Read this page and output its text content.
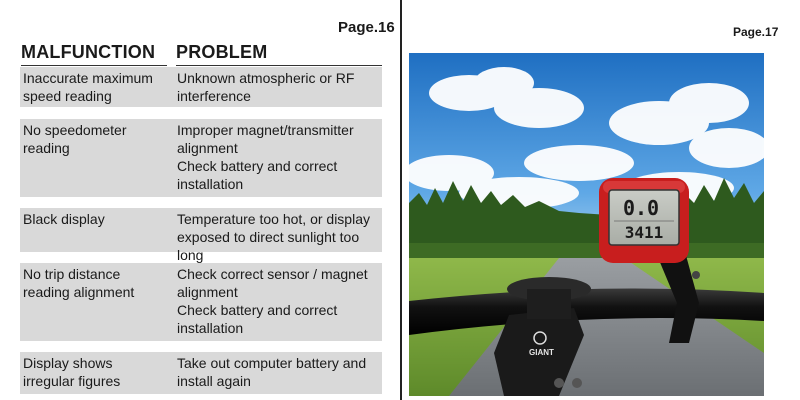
Page.16
MALFUNCTION	PROBLEM
Inaccurate maximum
speed reading
Unknown atmospheric or RF
interference
No speedometer
reading
Improper magnet/transmitter
alignment
Check battery and correct
installation
Black display	Temperature too hot, or display
exposed to direct sunlight too long
No trip distance
reading alignment
Check correct sensor / magnet
alignment
Check battery and correct
installation
Display shows
irregular figures
Take out computer battery and
install again
Page.17
GIANT
0.0
3411
